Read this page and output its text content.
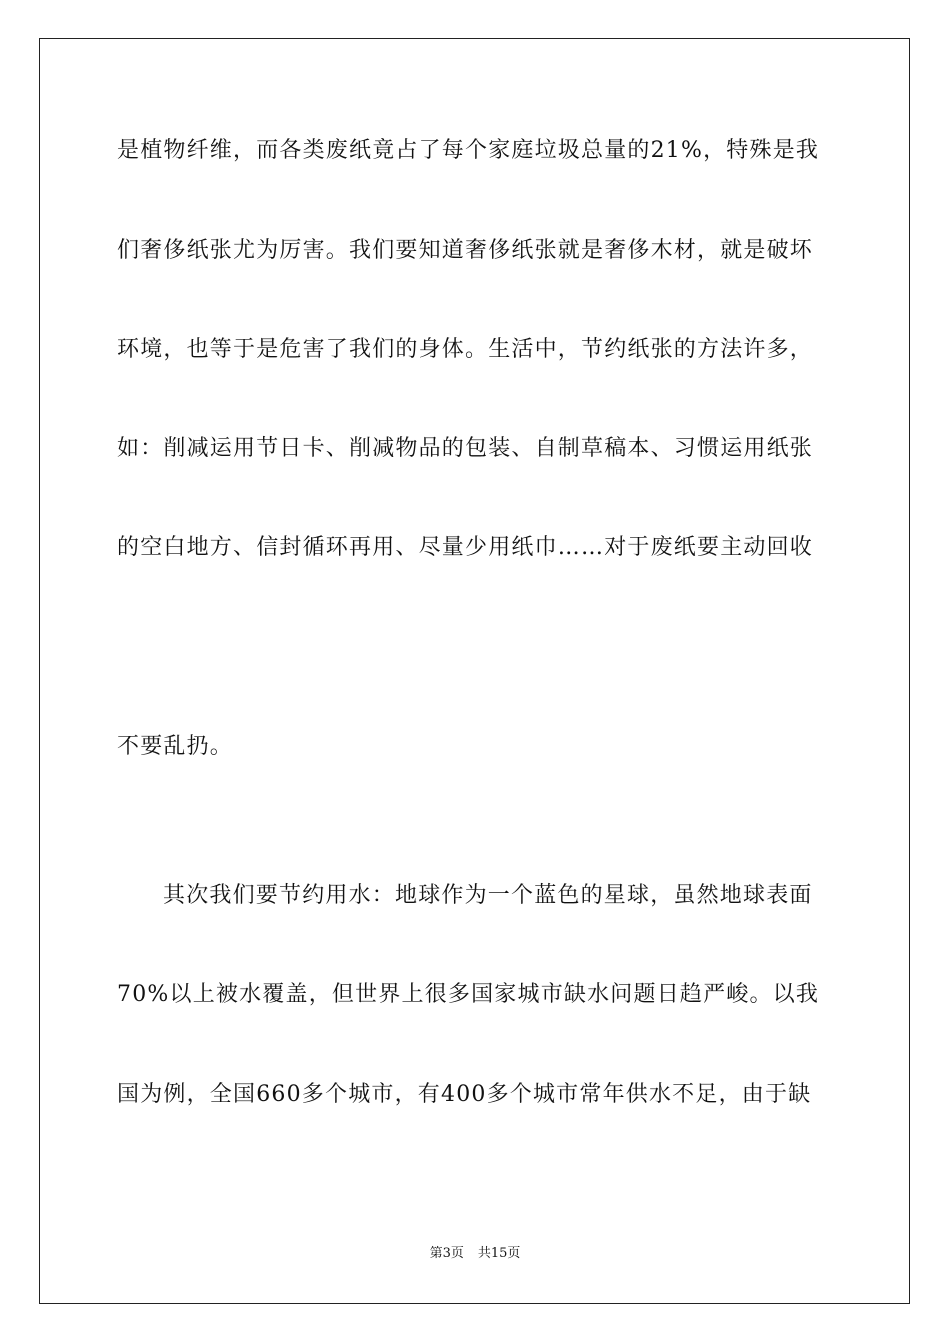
是植物纤维，而各类废纸竟占了每个家庭垃圾总量的21%，特殊是我
们奢侈纸张尤为厉害。我们要知道奢侈纸张就是奢侈木材，就是破坏
环境，也等于是危害了我们的身体。生活中，节约纸张的方法许多，
如：削减运用节日卡、削减物品的包装、自制草稿本、习惯运用纸张
的空白地方、信封循环再用、尽量少用纸巾……对于废纸要主动回收
不要乱扔。
其次我们要节约用水：地球作为一个蓝色的星球，虽然地球表面
70%以上被水覆盖，但世界上很多国家城市缺水问题日趋严峻。以我
国为例，全国660多个城市，有400多个城市常年供水不足，由于缺
第3页 共15页
